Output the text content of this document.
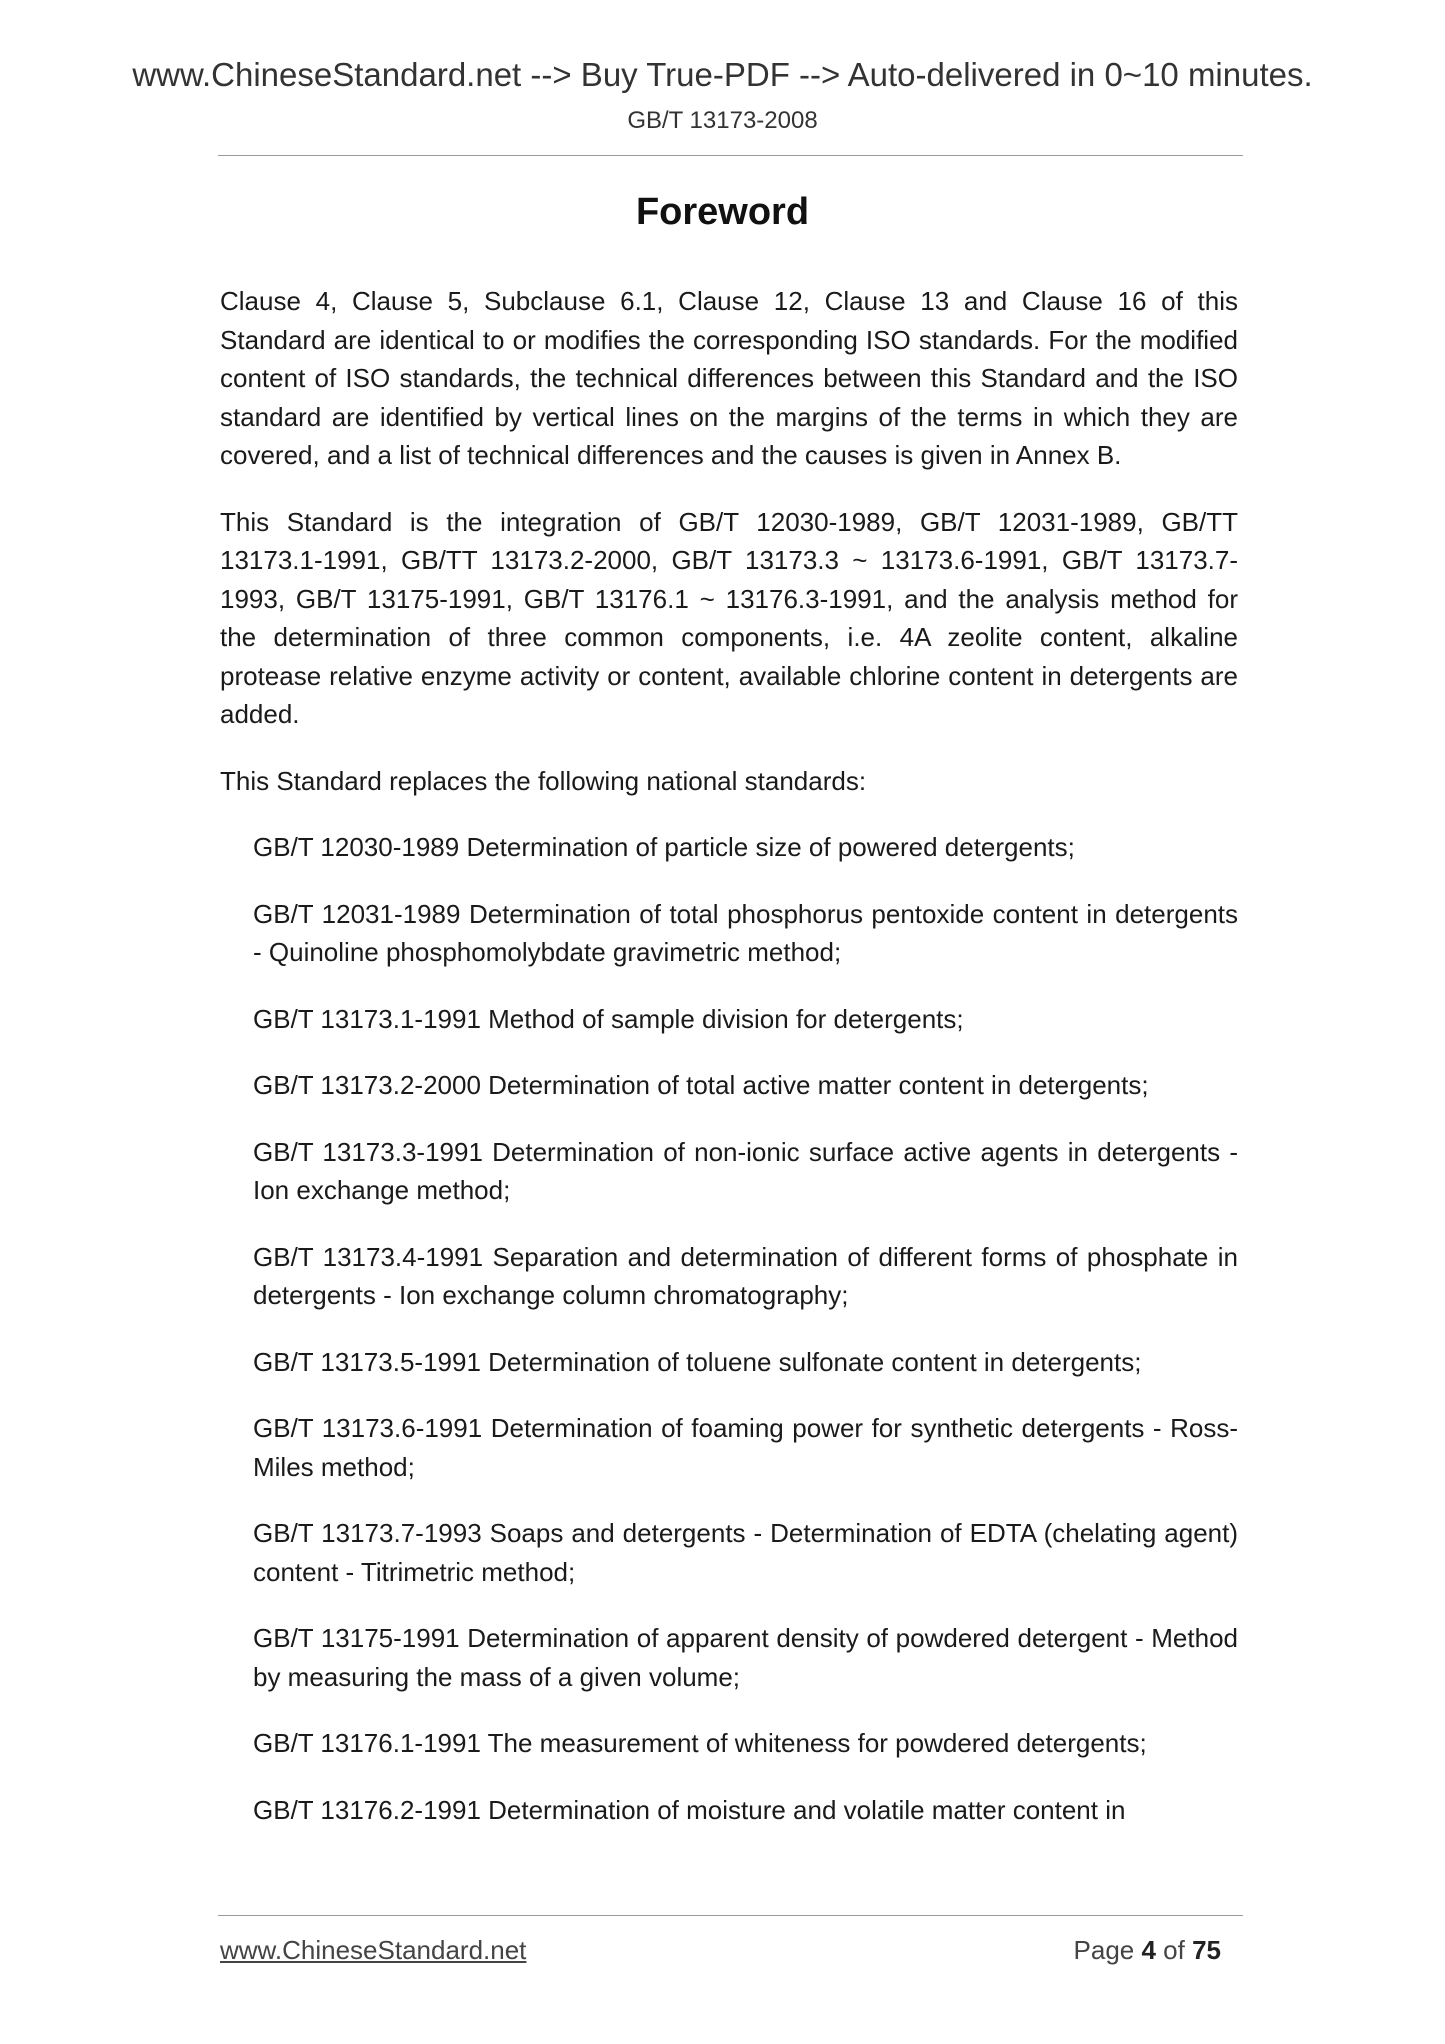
www.ChineseStandard.net --> Buy True-PDF --> Auto-delivered in 0~10 minutes.
GB/T 13173-2008
Foreword

Clause 4, Clause 5, Subclause 6.1, Clause 12, Clause 13 and Clause 16 of this Standard are identical to or modifies the corresponding ISO standards. For the modified content of ISO standards, the technical differences between this Standard and the ISO standard are identified by vertical lines on the margins of the terms in which they are covered, and a list of technical differences and the causes is given in Annex B.

This Standard is the integration of GB/T 12030-1989, GB/T 12031-1989, GB/TT 13173.1-1991, GB/TT 13173.2-2000, GB/T 13173.3 ~ 13173.6-1991, GB/T 13173.7-1993, GB/T 13175-1991, GB/T 13176.1 ~ 13176.3-1991, and the analysis method for the determination of three common components, i.e. 4A zeolite content, alkaline protease relative enzyme activity or content, available chlorine content in detergents are added.

This Standard replaces the following national standards:

GB/T 12030-1989 Determination of particle size of powered detergents;
GB/T 12031-1989 Determination of total phosphorus pentoxide content in detergents - Quinoline phosphomolybdate gravimetric method;
GB/T 13173.1-1991 Method of sample division for detergents;
GB/T 13173.2-2000 Determination of total active matter content in detergents;
GB/T 13173.3-1991 Determination of non-ionic surface active agents in detergents - Ion exchange method;
GB/T 13173.4-1991 Separation and determination of different forms of phosphate in detergents - Ion exchange column chromatography;
GB/T 13173.5-1991 Determination of toluene sulfonate content in detergents;
GB/T 13173.6-1991 Determination of foaming power for synthetic detergents - Ross-Miles method;
GB/T 13173.7-1993 Soaps and detergents - Determination of EDTA (chelating agent) content - Titrimetric method;
GB/T 13175-1991 Determination of apparent density of powdered detergent - Method by measuring the mass of a given volume;
GB/T 13176.1-1991 The measurement of whiteness for powdered detergents;
GB/T 13176.2-1991 Determination of moisture and volatile matter content in
www.ChineseStandard.net	Page 4 of 75
